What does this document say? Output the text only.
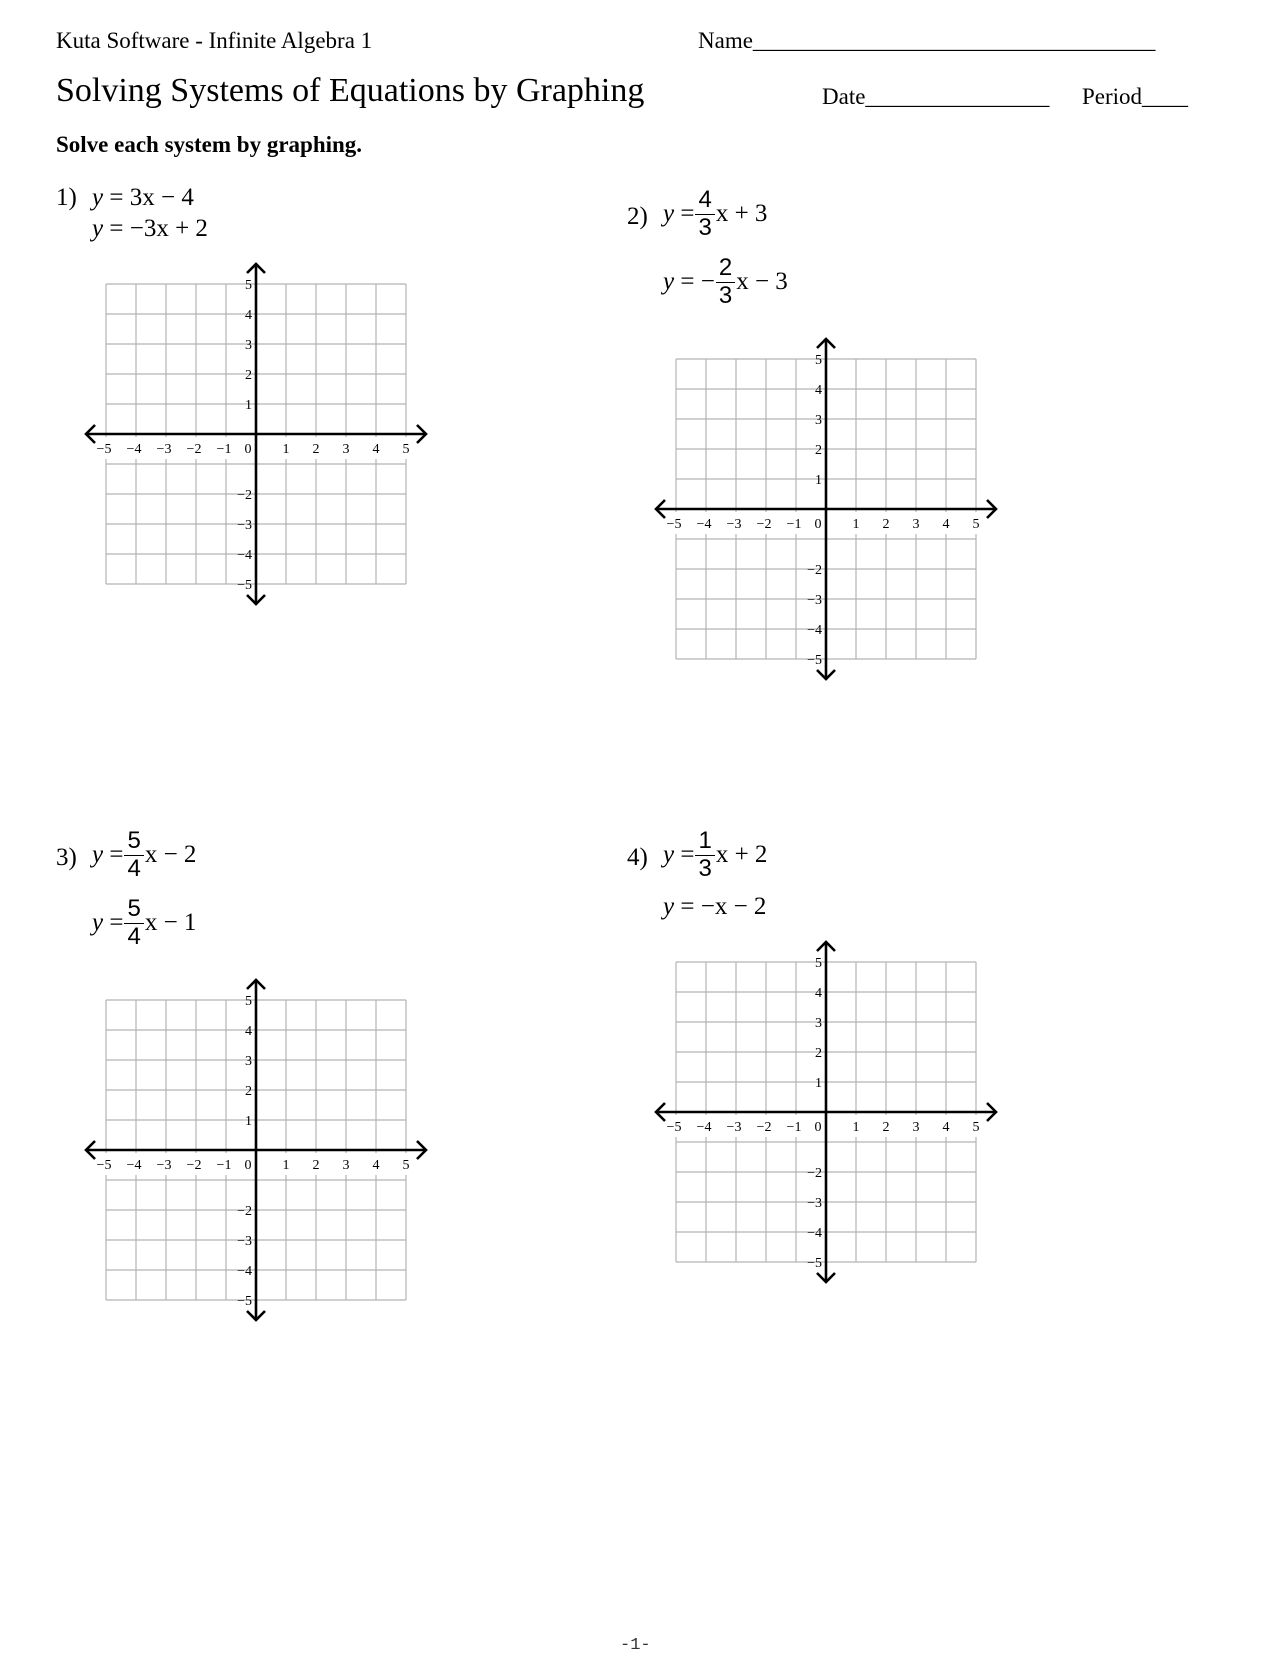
Kuta Software - Infinite Algebra 1	Name___________________________________
Solving Systems of Equations by Graphing	Date________________ Period____
Solve each system by graphing.
1) y
=
3x − 4
y
=
−3x + 2	2) y
= $\frac{4}{3}$ x + 3
y
=
− $\frac{2}{3}$ x − 3
3) y
= $\frac{5}{4}$ x − 2
y
= $\frac{5}{4}$ x − 1
4) y
= $\frac{1}{3}$ x + 2
y
=
−x − 2
−5 −4 −3 −2 −1 0 1 2 3 4 5
5
4
3
2
1
−2
−3
−4
−5
−5 −4 −3 −2 −1 0 1 2 3 4 5
5
4
3
2
1
−2
−3
−4
−5
−5 −4 −3 −2 −1 0 1 2 3 4 5
5
4
3
2
1
−2
−3
−4
−5
−5 −4 −3 −2 −1 0 1 2 3 4 5
5
4
3
2
1
−2
−3
−4
−5
-1-
